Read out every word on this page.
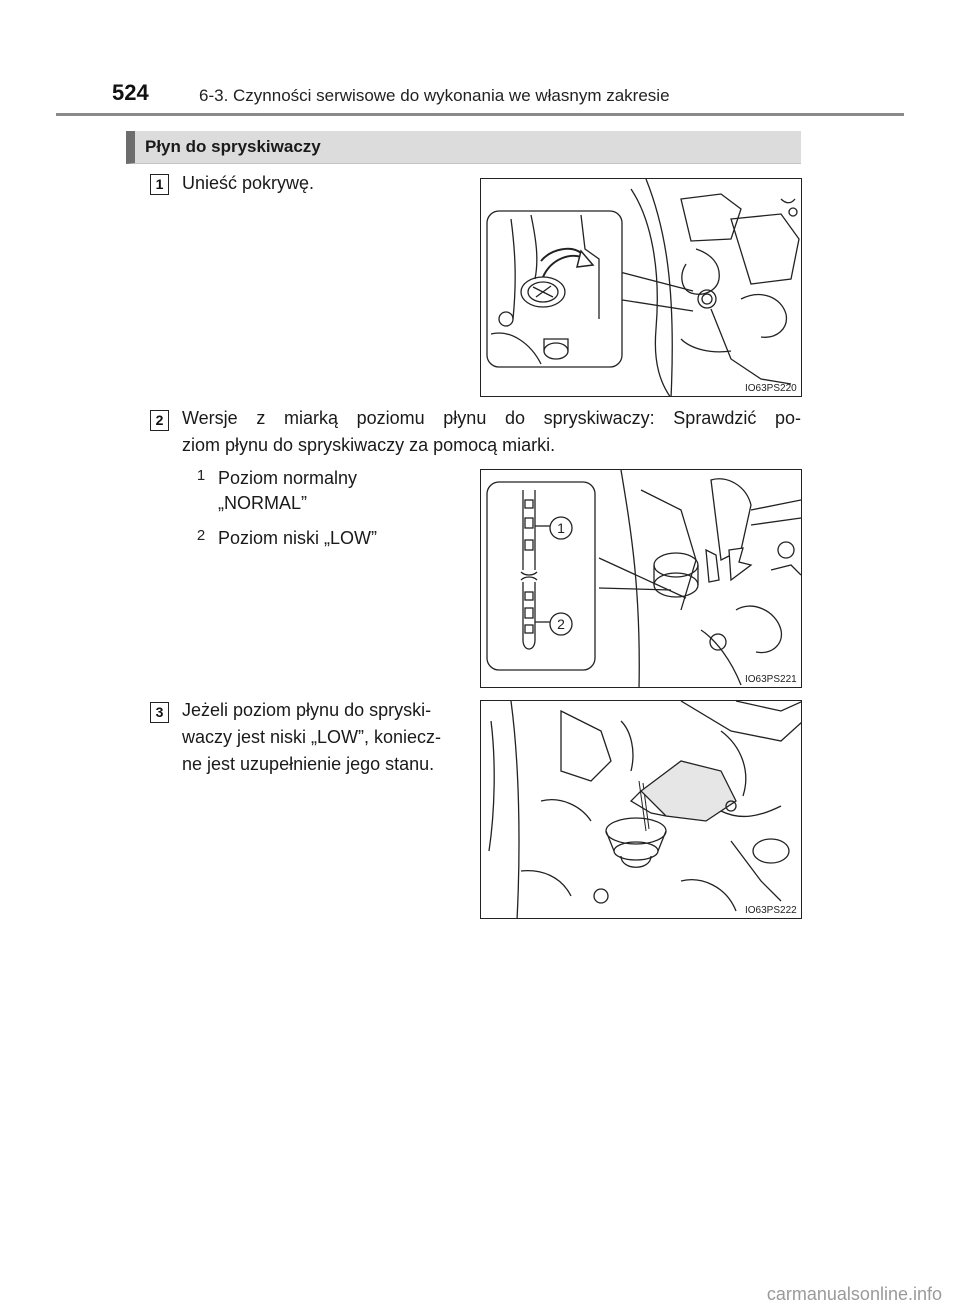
524	6-3. Czynności serwisowe do wykonania we własnym zakresie
Płyn do spryskiwaczy
1	Unieść pokrywę.
IO63PS220
2	Wersje z miarką poziomu płynu do spryskiwaczy: Sprawdzić po-
ziom płynu do spryskiwaczy za pomocą miarki.
1 Poziom normalny
„NORMAL”
2 Poziom niski „LOW”	1
2
IO63PS221
3	Jeżeli poziom płynu do spryski-
waczy jest niski „LOW”, koniecz-
ne jest uzupełnienie jego stanu.
IO63PS222
carmanualsonline.info
